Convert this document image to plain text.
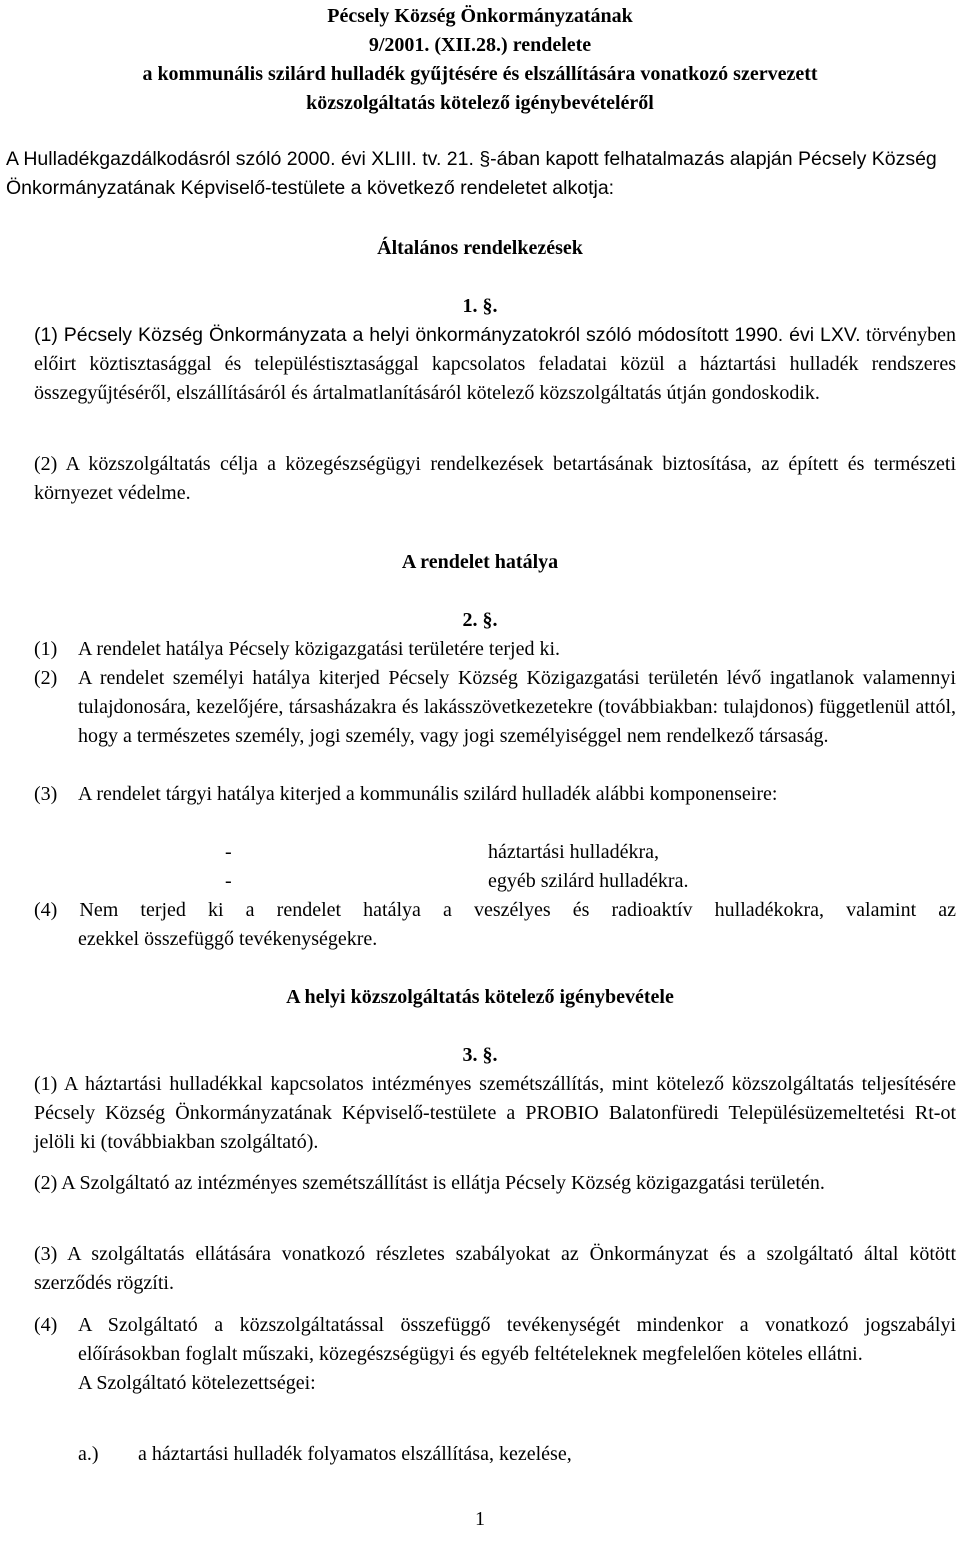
Pécsely Község Önkormányzatának
9/2001. (XII.28.) rendelete
a kommunális szilárd hulladék gyűjtésére és elszállítására vonatkozó szervezett
közszolgáltatás kötelező igénybevételéről
A Hulladékgazdálkodásról szóló 2000. évi XLIII. tv. 21. §-ában kapott felhatalmazás alapján Pécsely Község Önkormányzatának Képviselő-testülete a következő rendeletet alkotja:
Általános rendelkezések
1. §.
(1) Pécsely Község Önkormányzata a helyi önkormányzatokról szóló módosított 1990. évi LXV. törvényben előirt köztisztasággal és településtisztasággal kapcsolatos feladatai közül a háztartási hulladék rendszeres összegyűjtéséről, elszállításáról és ártalmatlanításáról kötelező közszolgáltatás útján gondoskodik.
(2) A közszolgáltatás célja a közegészségügyi rendelkezések betartásának biztosítása, az épített és természeti környezet védelme.
A rendelet hatálya
2. §.
(1) A rendelet hatálya Pécsely közigazgatási területére terjed ki.
(2) A rendelet személyi hatálya kiterjed Pécsely Község Közigazgatási területén lévő ingatlanok valamennyi tulajdonosára, kezelőjére, társasházakra és lakásszövetkezetekre (továbbiakban: tulajdonos) függetlenül attól, hogy a természetes személy, jogi személy, vagy jogi személyiséggel nem rendelkező társaság.
(3) A rendelet tárgyi hatálya kiterjed a kommunális szilárd hulladék alábbi komponenseire:
-	háztartási hulladékra,
-	egyéb szilárd hulladékra.
(4) Nem terjed ki a rendelet hatálya a veszélyes és radioaktív hulladékokra, valamint az
ezekkel összefüggő tevékenységekre.
A helyi közszolgáltatás kötelező igénybevétele
3. §.
(1) A háztartási hulladékkal kapcsolatos intézményes szemétszállítás, mint kötelező közszolgáltatás teljesítésére Pécsely Község Önkormányzatának Képviselő-testülete a PROBIO Balatonfüredi Településüzemeltetési Rt-ot jelöli ki (továbbiakban szolgáltató).
(2) A Szolgáltató az intézményes szemétszállítást is ellátja Pécsely Község közigazgatási területén.
(3) A szolgáltatás ellátására vonatkozó részletes szabályokat az Önkormányzat és a szolgáltató által kötött szerződés rögzíti.
(4) A Szolgáltató a közszolgáltatással összefüggő tevékenységét mindenkor a vonatkozó jogszabályi előírásokban foglalt műszaki, közegészségügyi és egyéb feltételeknek megfelelően köteles ellátni.
A Szolgáltató kötelezettségei:
a.) a háztartási hulladék folyamatos elszállítása, kezelése,
1
